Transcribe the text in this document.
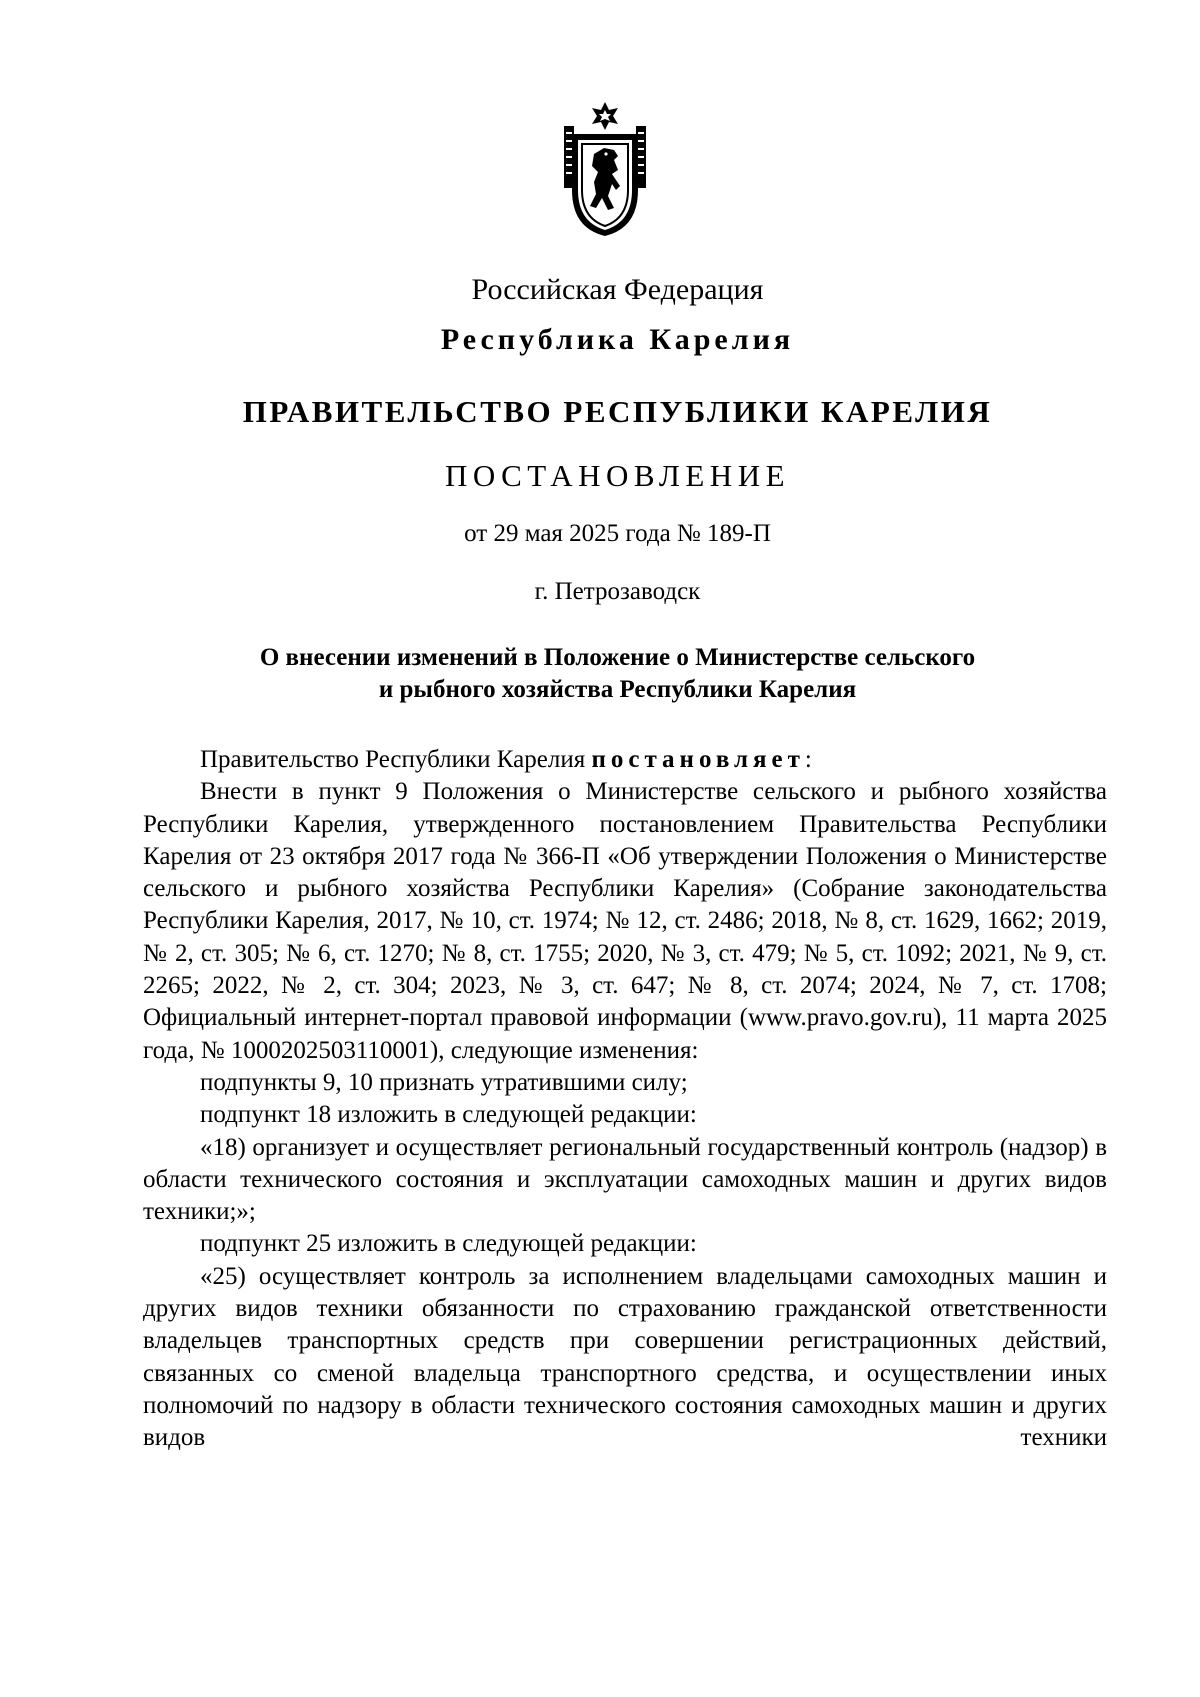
Российская Федерация
Республика Карелия
ПРАВИТЕЛЬСТВО РЕСПУБЛИКИ КАРЕЛИЯ
ПОСТАНОВЛЕНИЕ
от 29 мая 2025 года № 189-П
г. Петрозаводск
О внесении изменений в Положение о Министерстве сельского
и рыбного хозяйства Республики Карелия

Правительство Республики Карелия постановляет:

Внести в пункт 9 Положения о Министерстве сельского и рыбного хозяйства Республики Карелия, утвержденного постановлением Правительства Республики Карелия от 23 октября 2017 года № 366-П «Об утверждении Положения о Министерстве сельского и рыбного хозяйства Республики Карелия» (Собрание законодательства Республики Карелия, 2017, № 10, ст. 1974; № 12, ст. 2486; 2018, № 8, ст. 1629, 1662; 2019, № 2, ст. 305; № 6, ст. 1270; № 8, ст. 1755; 2020, № 3, ст. 479; № 5, ст. 1092; 2021, № 9, ст. 2265; 2022, № 2, ст. 304; 2023, № 3, ст. 647; № 8, ст. 2074; 2024, № 7, ст. 1708; Официальный интернет-портал правовой информации (www.pravo.gov.ru), 11 марта 2025 года, № 1000202503110001), следующие изменения:

подпункты 9, 10 признать утратившими силу;

подпункт 18 изложить в следующей редакции:

«18) организует и осуществляет региональный государственный контроль (надзор) в области технического состояния и эксплуатации самоходных машин и других видов техники;»;

подпункт 25 изложить в следующей редакции:

«25) осуществляет контроль за исполнением владельцами самоходных машин и других видов техники обязанности по страхованию гражданской ответственности владельцев транспортных средств при совершении регистрационных действий, связанных со сменой владельца транспортного средства, и осуществлении иных полномочий по надзору в области технического состояния самоходных машин и других видов техники
